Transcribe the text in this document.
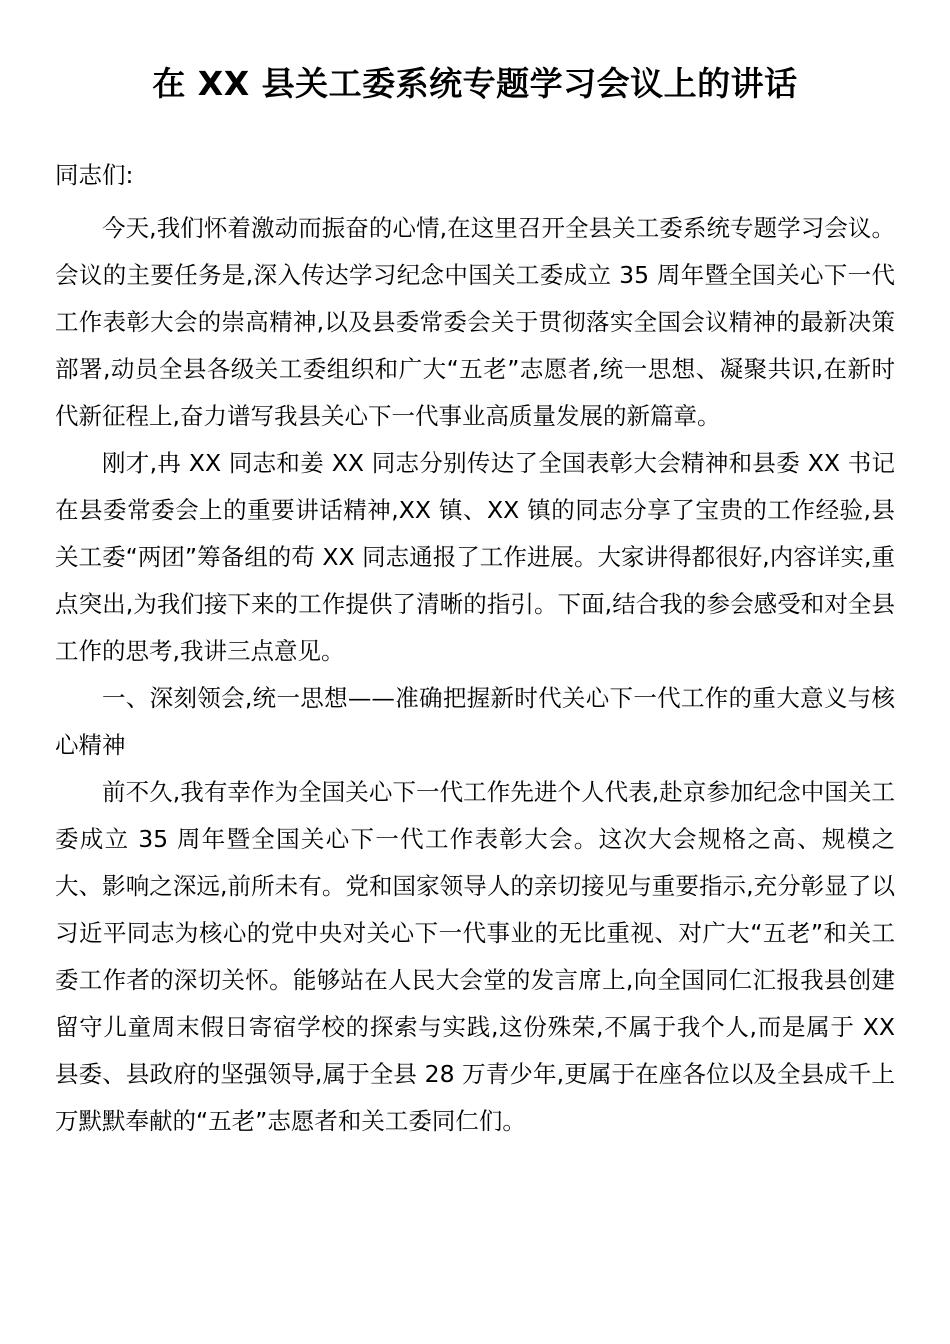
在 XX 县关工委系统专题学习会议上的讲话

同志们:

今天,我们怀着激动而振奋的心情,在这里召开全县关工委系统专题学习会议。会议的主要任务是,深入传达学习纪念中国关工委成立 35 周年暨全国关心下一代工作表彰大会的崇高精神,以及县委常委会关于贯彻落实全国会议精神的最新决策部署,动员全县各级关工委组织和广大“五老”志愿者,统一思想、凝聚共识,在新时代新征程上,奋力谱写我县关心下一代事业高质量发展的新篇章。

刚才,冉 XX 同志和姜 XX 同志分别传达了全国表彰大会精神和县委 XX 书记在县委常委会上的重要讲话精神,XX 镇、XX 镇的同志分享了宝贵的工作经验,县关工委“两团”筹备组的苟 XX 同志通报了工作进展。大家讲得都很好,内容详实,重点突出,为我们接下来的工作提供了清晰的指引。下面,结合我的参会感受和对全县工作的思考,我讲三点意见。

一、深刻领会,统一思想——准确把握新时代关心下一代工作的重大意义与核心精神

前不久,我有幸作为全国关心下一代工作先进个人代表,赴京参加纪念中国关工委成立 35 周年暨全国关心下一代工作表彰大会。这次大会规格之高、规模之大、影响之深远,前所未有。党和国家领导人的亲切接见与重要指示,充分彰显了以习近平同志为核心的党中央对关心下一代事业的无比重视、对广大“五老”和关工委工作者的深切关怀。能够站在人民大会堂的发言席上,向全国同仁汇报我县创建留守儿童周末假日寄宿学校的探索与实践,这份殊荣,不属于我个人,而是属于 XX 县委、县政府的坚强领导,属于全县 28 万青少年,更属于在座各位以及全县成千上万默默奉献的“五老”志愿者和关工委同仁们。
